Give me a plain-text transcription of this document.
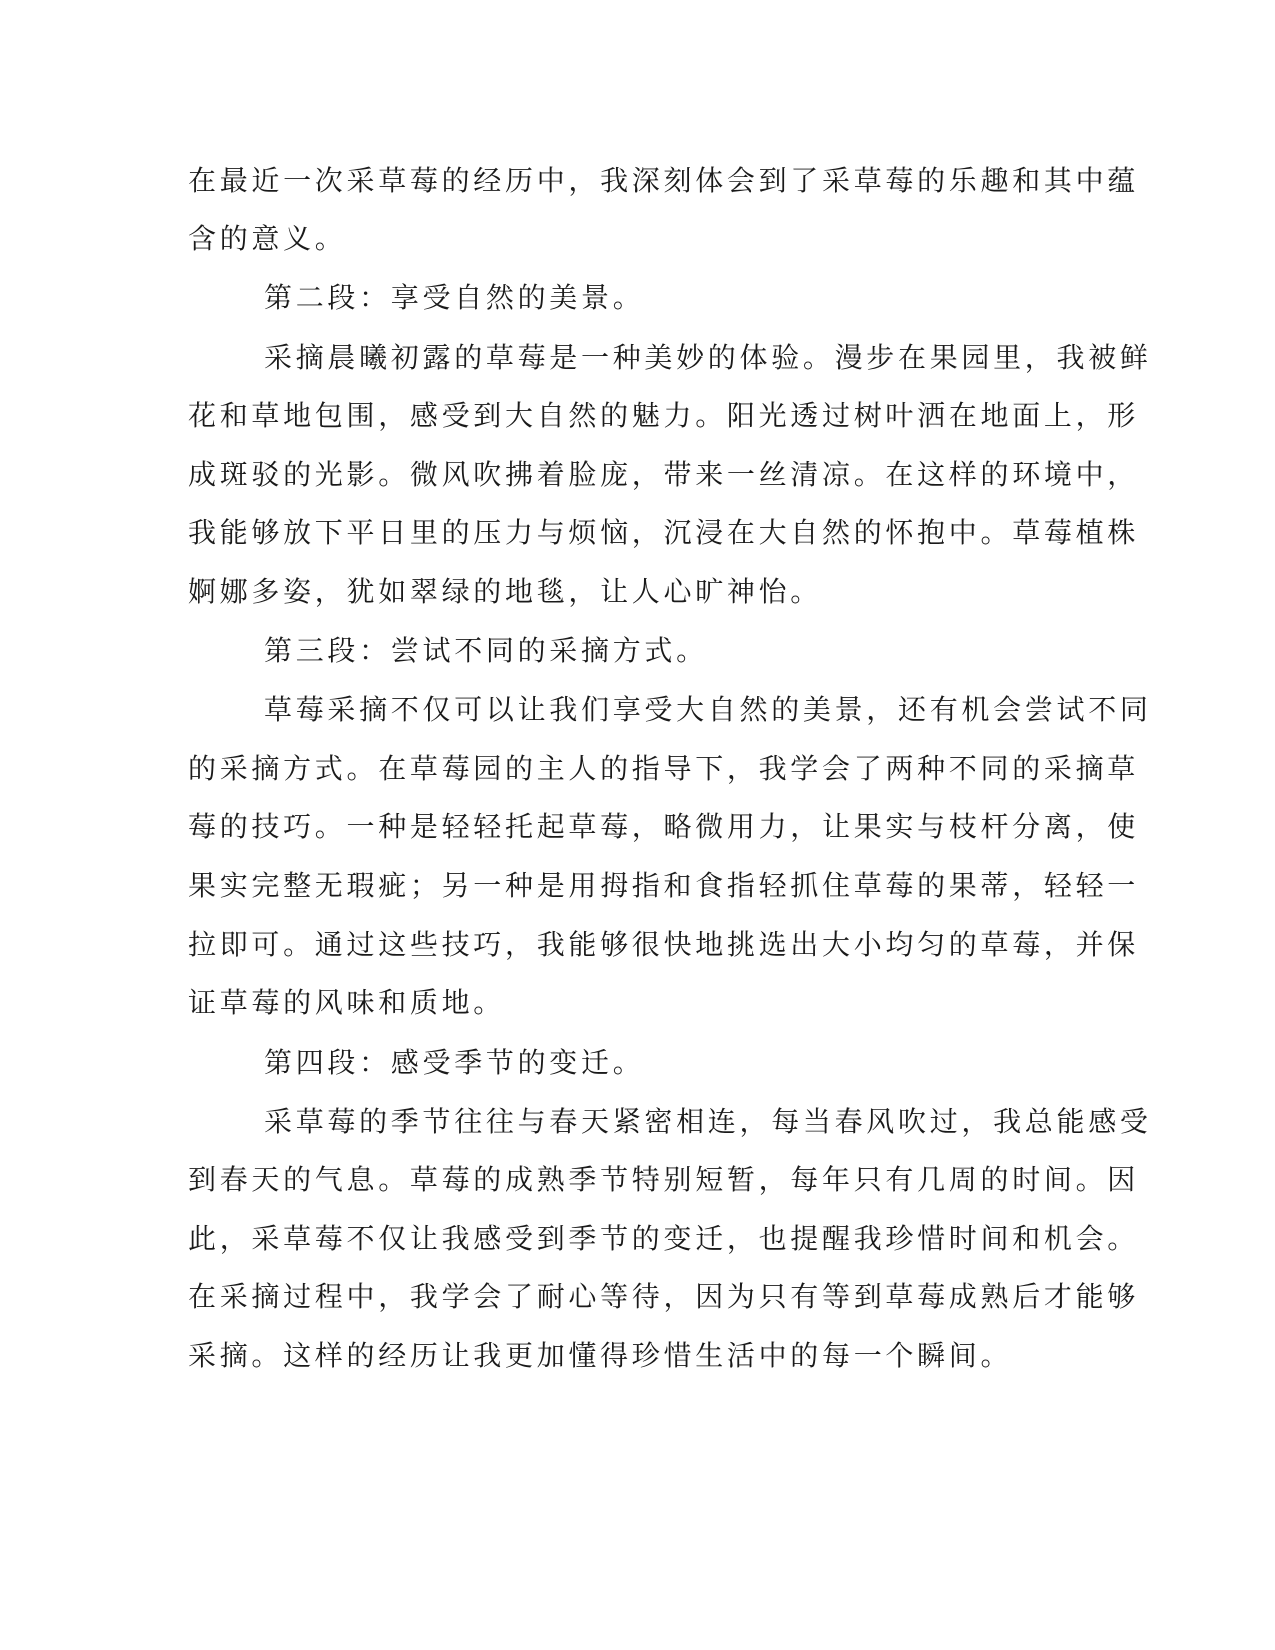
在最近一次采草莓的经历中，我深刻体会到了采草莓的乐趣和其中蕴

含的意义。

第二段：享受自然的美景。

采摘晨曦初露的草莓是一种美妙的体验。漫步在果园里，我被鲜

花和草地包围，感受到大自然的魅力。阳光透过树叶洒在地面上，形

成斑驳的光影。微风吹拂着脸庞，带来一丝清凉。在这样的环境中，

我能够放下平日里的压力与烦恼，沉浸在大自然的怀抱中。草莓植株

婀娜多姿，犹如翠绿的地毯，让人心旷神怡。

第三段：尝试不同的采摘方式。

草莓采摘不仅可以让我们享受大自然的美景，还有机会尝试不同

的采摘方式。在草莓园的主人的指导下，我学会了两种不同的采摘草

莓的技巧。一种是轻轻托起草莓，略微用力，让果实与枝杆分离，使

果实完整无瑕疵；另一种是用拇指和食指轻抓住草莓的果蒂，轻轻一

拉即可。通过这些技巧，我能够很快地挑选出大小均匀的草莓，并保

证草莓的风味和质地。

第四段：感受季节的变迁。

采草莓的季节往往与春天紧密相连，每当春风吹过，我总能感受

到春天的气息。草莓的成熟季节特别短暂，每年只有几周的时间。因

此，采草莓不仅让我感受到季节的变迁，也提醒我珍惜时间和机会。

在采摘过程中，我学会了耐心等待，因为只有等到草莓成熟后才能够

采摘。这样的经历让我更加懂得珍惜生活中的每一个瞬间。
